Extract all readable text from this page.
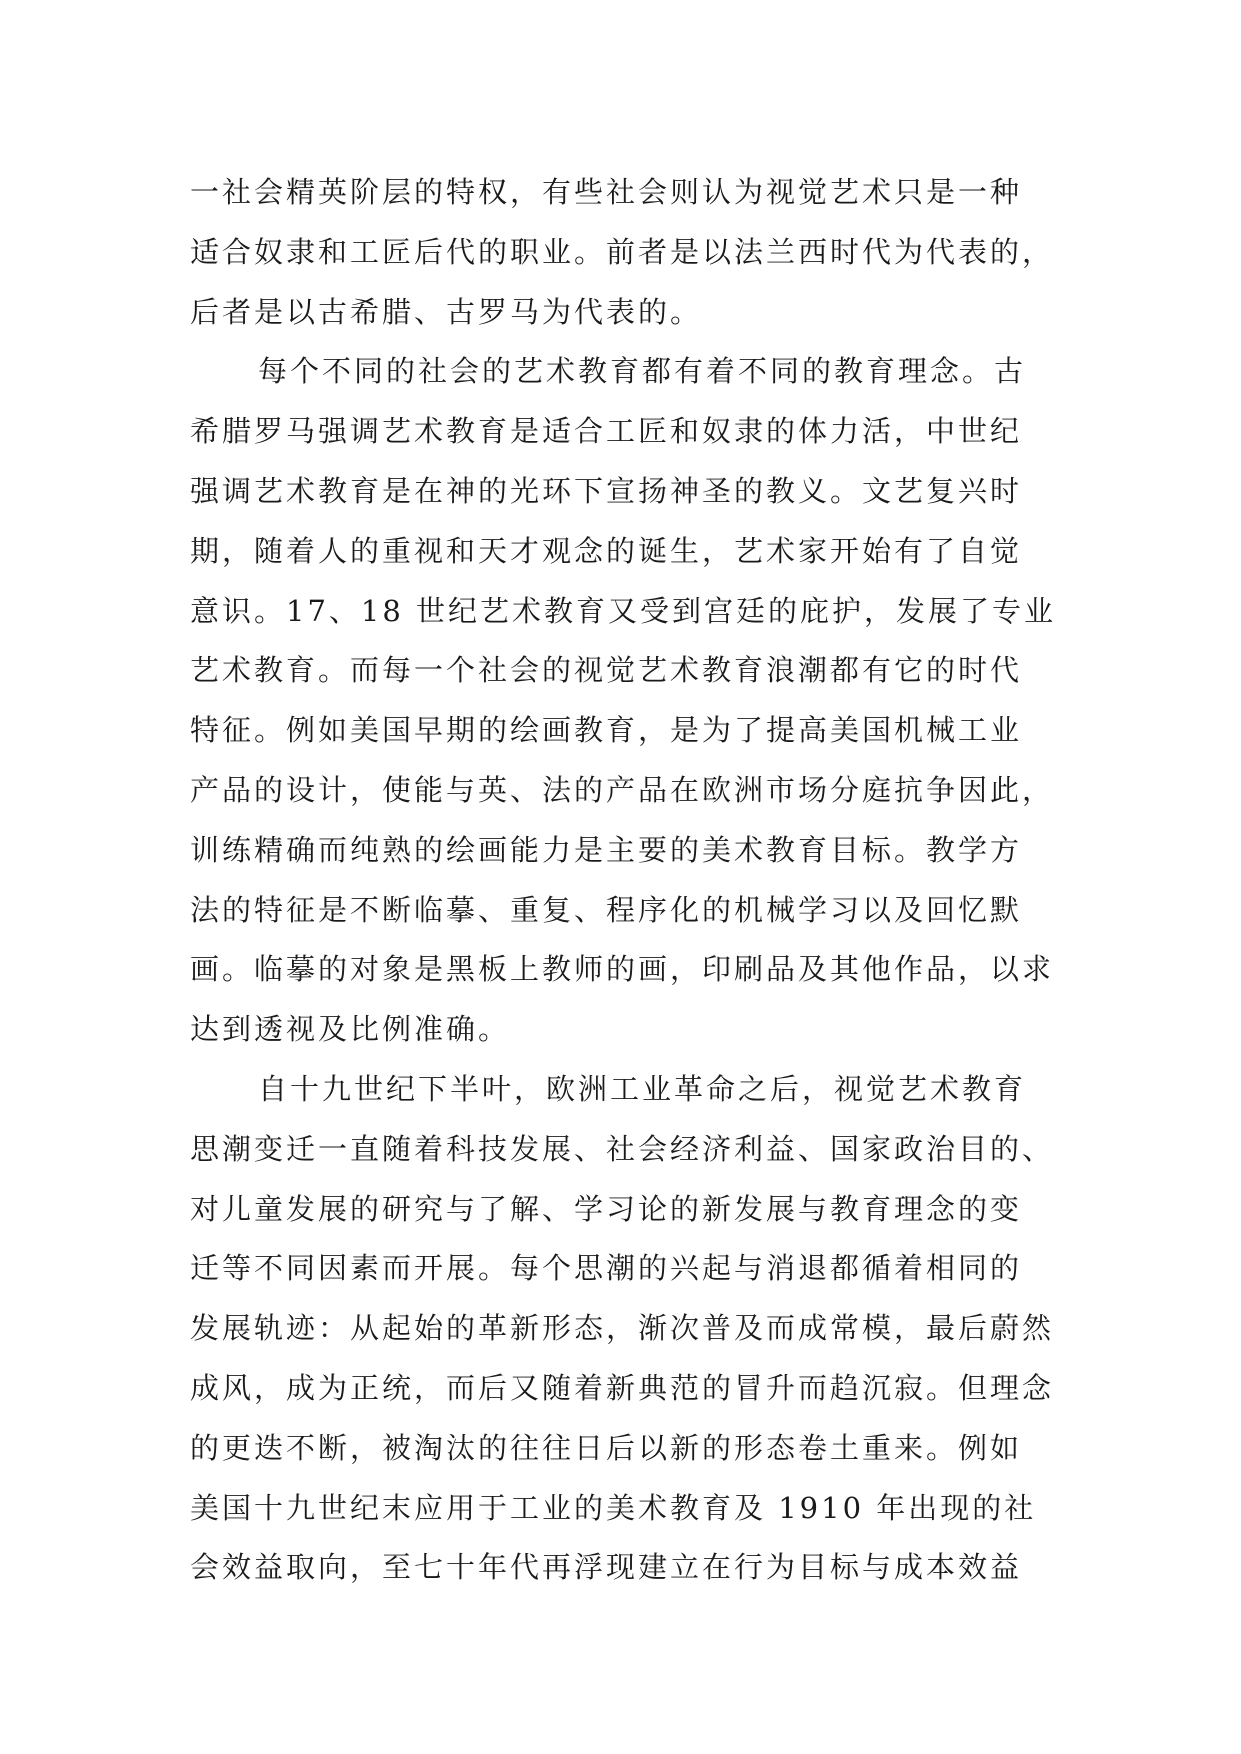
一社会精英阶层的特权，有些社会则认为视觉艺术只是一种
适合奴隶和工匠后代的职业。前者是以法兰西时代为代表的，
后者是以古希腊、古罗马为代表的。
每个不同的社会的艺术教育都有着不同的教育理念。古
希腊罗马强调艺术教育是适合工匠和奴隶的体力活，中世纪
强调艺术教育是在神的光环下宣扬神圣的教义。文艺复兴时
期，随着人的重视和天才观念的诞生，艺术家开始有了自觉
意识。17、18 世纪艺术教育又受到宫廷的庇护，发展了专业
艺术教育。而每一个社会的视觉艺术教育浪潮都有它的时代
特征。例如美国早期的绘画教育，是为了提高美国机械工业
产品的设计，使能与英、法的产品在欧洲市场分庭抗争因此，
训练精确而纯熟的绘画能力是主要的美术教育目标。教学方
法的特征是不断临摹、重复、程序化的机械学习以及回忆默
画。临摹的对象是黑板上教师的画，印刷品及其他作品，以求
达到透视及比例准确。
自十九世纪下半叶，欧洲工业革命之后，视觉艺术教育
思潮变迁一直随着科技发展、社会经济利益、国家政治目的、
对儿童发展的研究与了解、学习论的新发展与教育理念的变
迁等不同因素而开展。每个思潮的兴起与消退都循着相同的
发展轨迹：从起始的革新形态，渐次普及而成常模，最后蔚然
成风，成为正统，而后又随着新典范的冒升而趋沉寂。但理念
的更迭不断，被淘汰的往往日后以新的形态卷土重来。例如
美国十九世纪末应用于工业的美术教育及 1910 年出现的社
会效益取向，至七十年代再浮现建立在行为目标与成本效益
